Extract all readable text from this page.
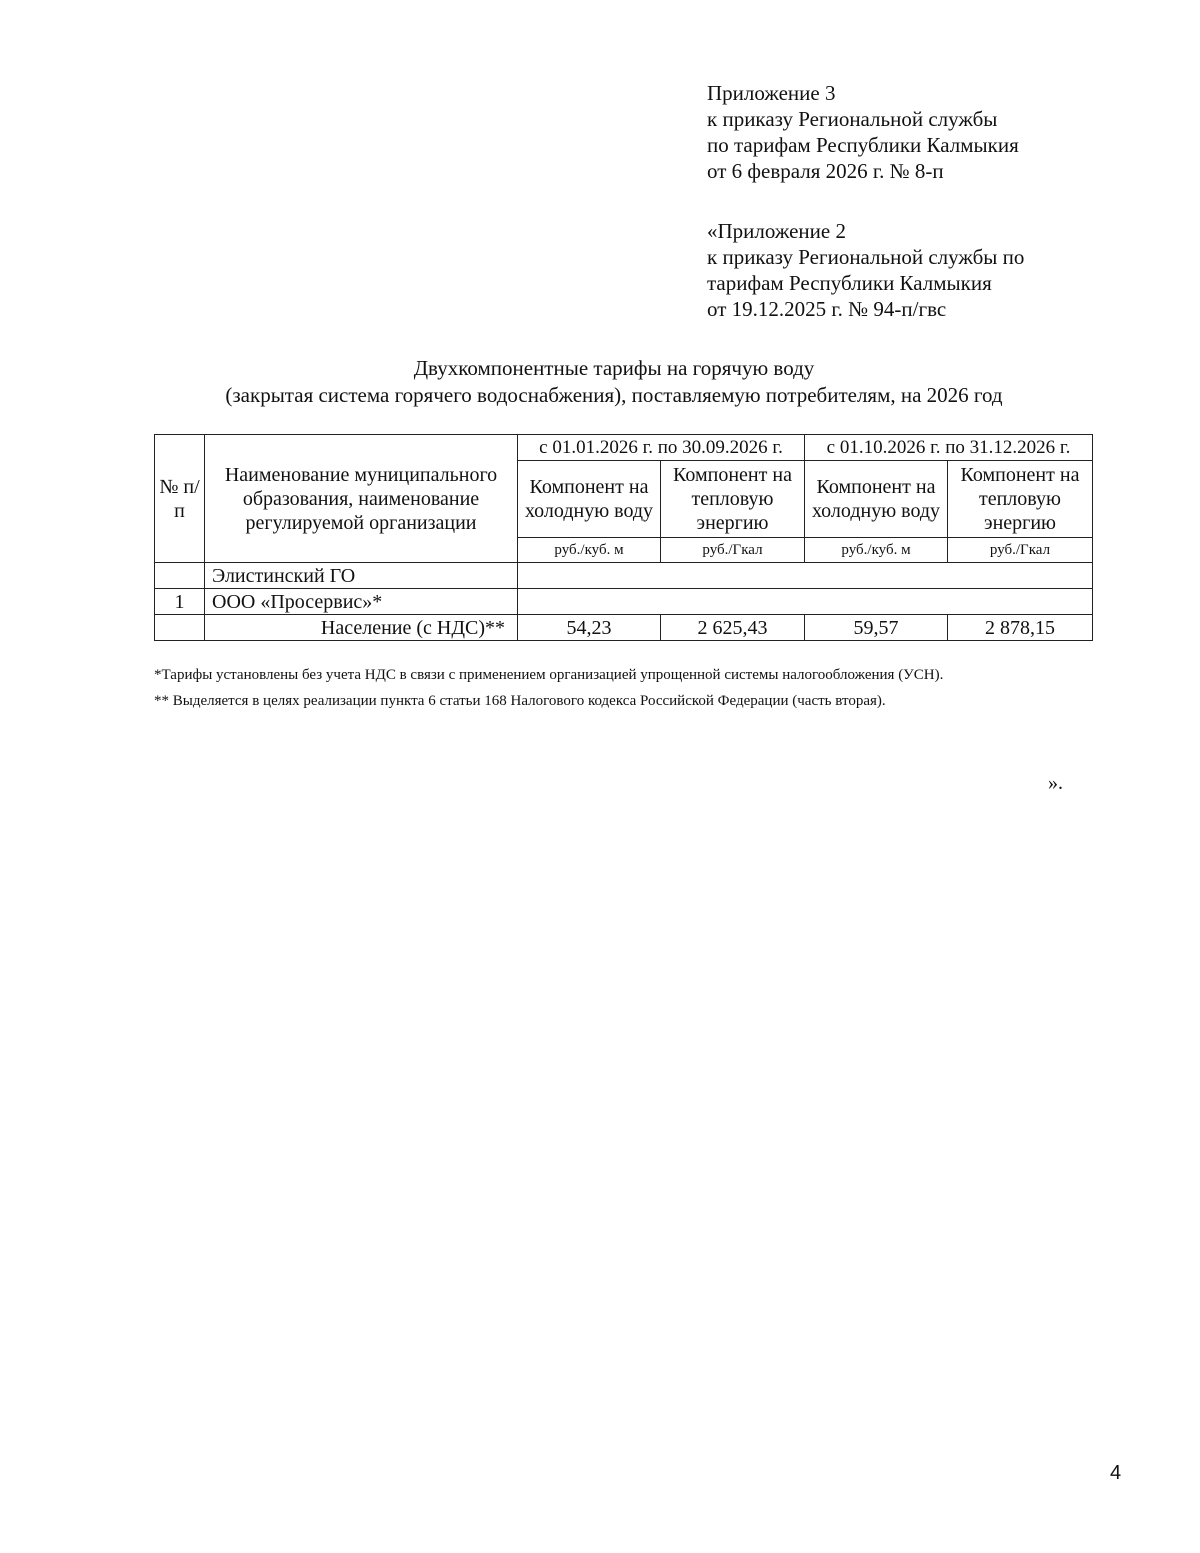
Приложение 3
к приказу Региональной службы
по тарифам Республики Калмыкия
от 6 февраля 2026 г. № 8-п
«Приложение 2
к приказу Региональной службы по
тарифам Республики Калмыкия
от 19.12.2025 г. № 94-п/гвс
Двухкомпонентные тарифы на горячую воду
(закрытая система горячего водоснабжения), поставляемую потребителям, на 2026 год
№ п/п	Наименование муниципального образования, наименование регулируемой организации	с 01.01.2026 г. по 30.09.2026 г.		с 01.10.2026 г. по 31.12.2026 г.	
		Компонент на холодную воду	Компонент на тепловую энергию	Компонент на холодную воду	Компонент на тепловую энергию
		руб./куб. м	руб./Гкал	руб./куб. м	руб./Гкал
	Элистинский ГО				
1	ООО «Просервис»*				
	Население (с НДС)**	54,23	2 625,43	59,57	2 878,15

*Тарифы установлены без учета НДС в связи с применением организацией упрощенной системы налогообложения (УСН).

** Выделяется в целях реализации пункта 6 статьи 168 Налогового кодекса Российской Федерации (часть вторая).

».
4
